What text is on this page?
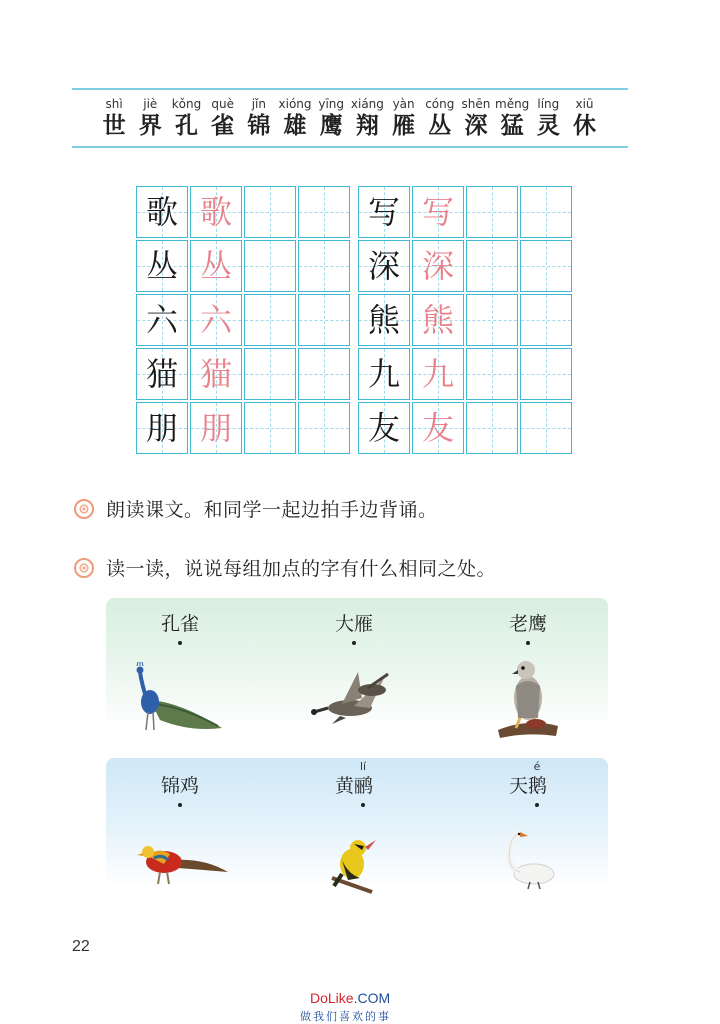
shì
世
jiè
界
kǒng
孔
què
雀
jǐn
锦
xióng
雄
yīng
鹰
xiáng
翔
yàn
雁
cóng
丛
shēn
深
měng
猛
líng
灵
xiū
休
歌 歌
丛 丛
六 六
猫 猫
朋 朋
写 写
深 深
熊 熊
九 九
友 友
朗读课文。和同学一起边拍手边背诵。
读一读，说说每组加点的字有什么相同之处。
孔雀	大雁	老鹰
锦鸡
lí
黄鹂
é
天鹅
22
DoLike.COM
做我们喜欢的事
